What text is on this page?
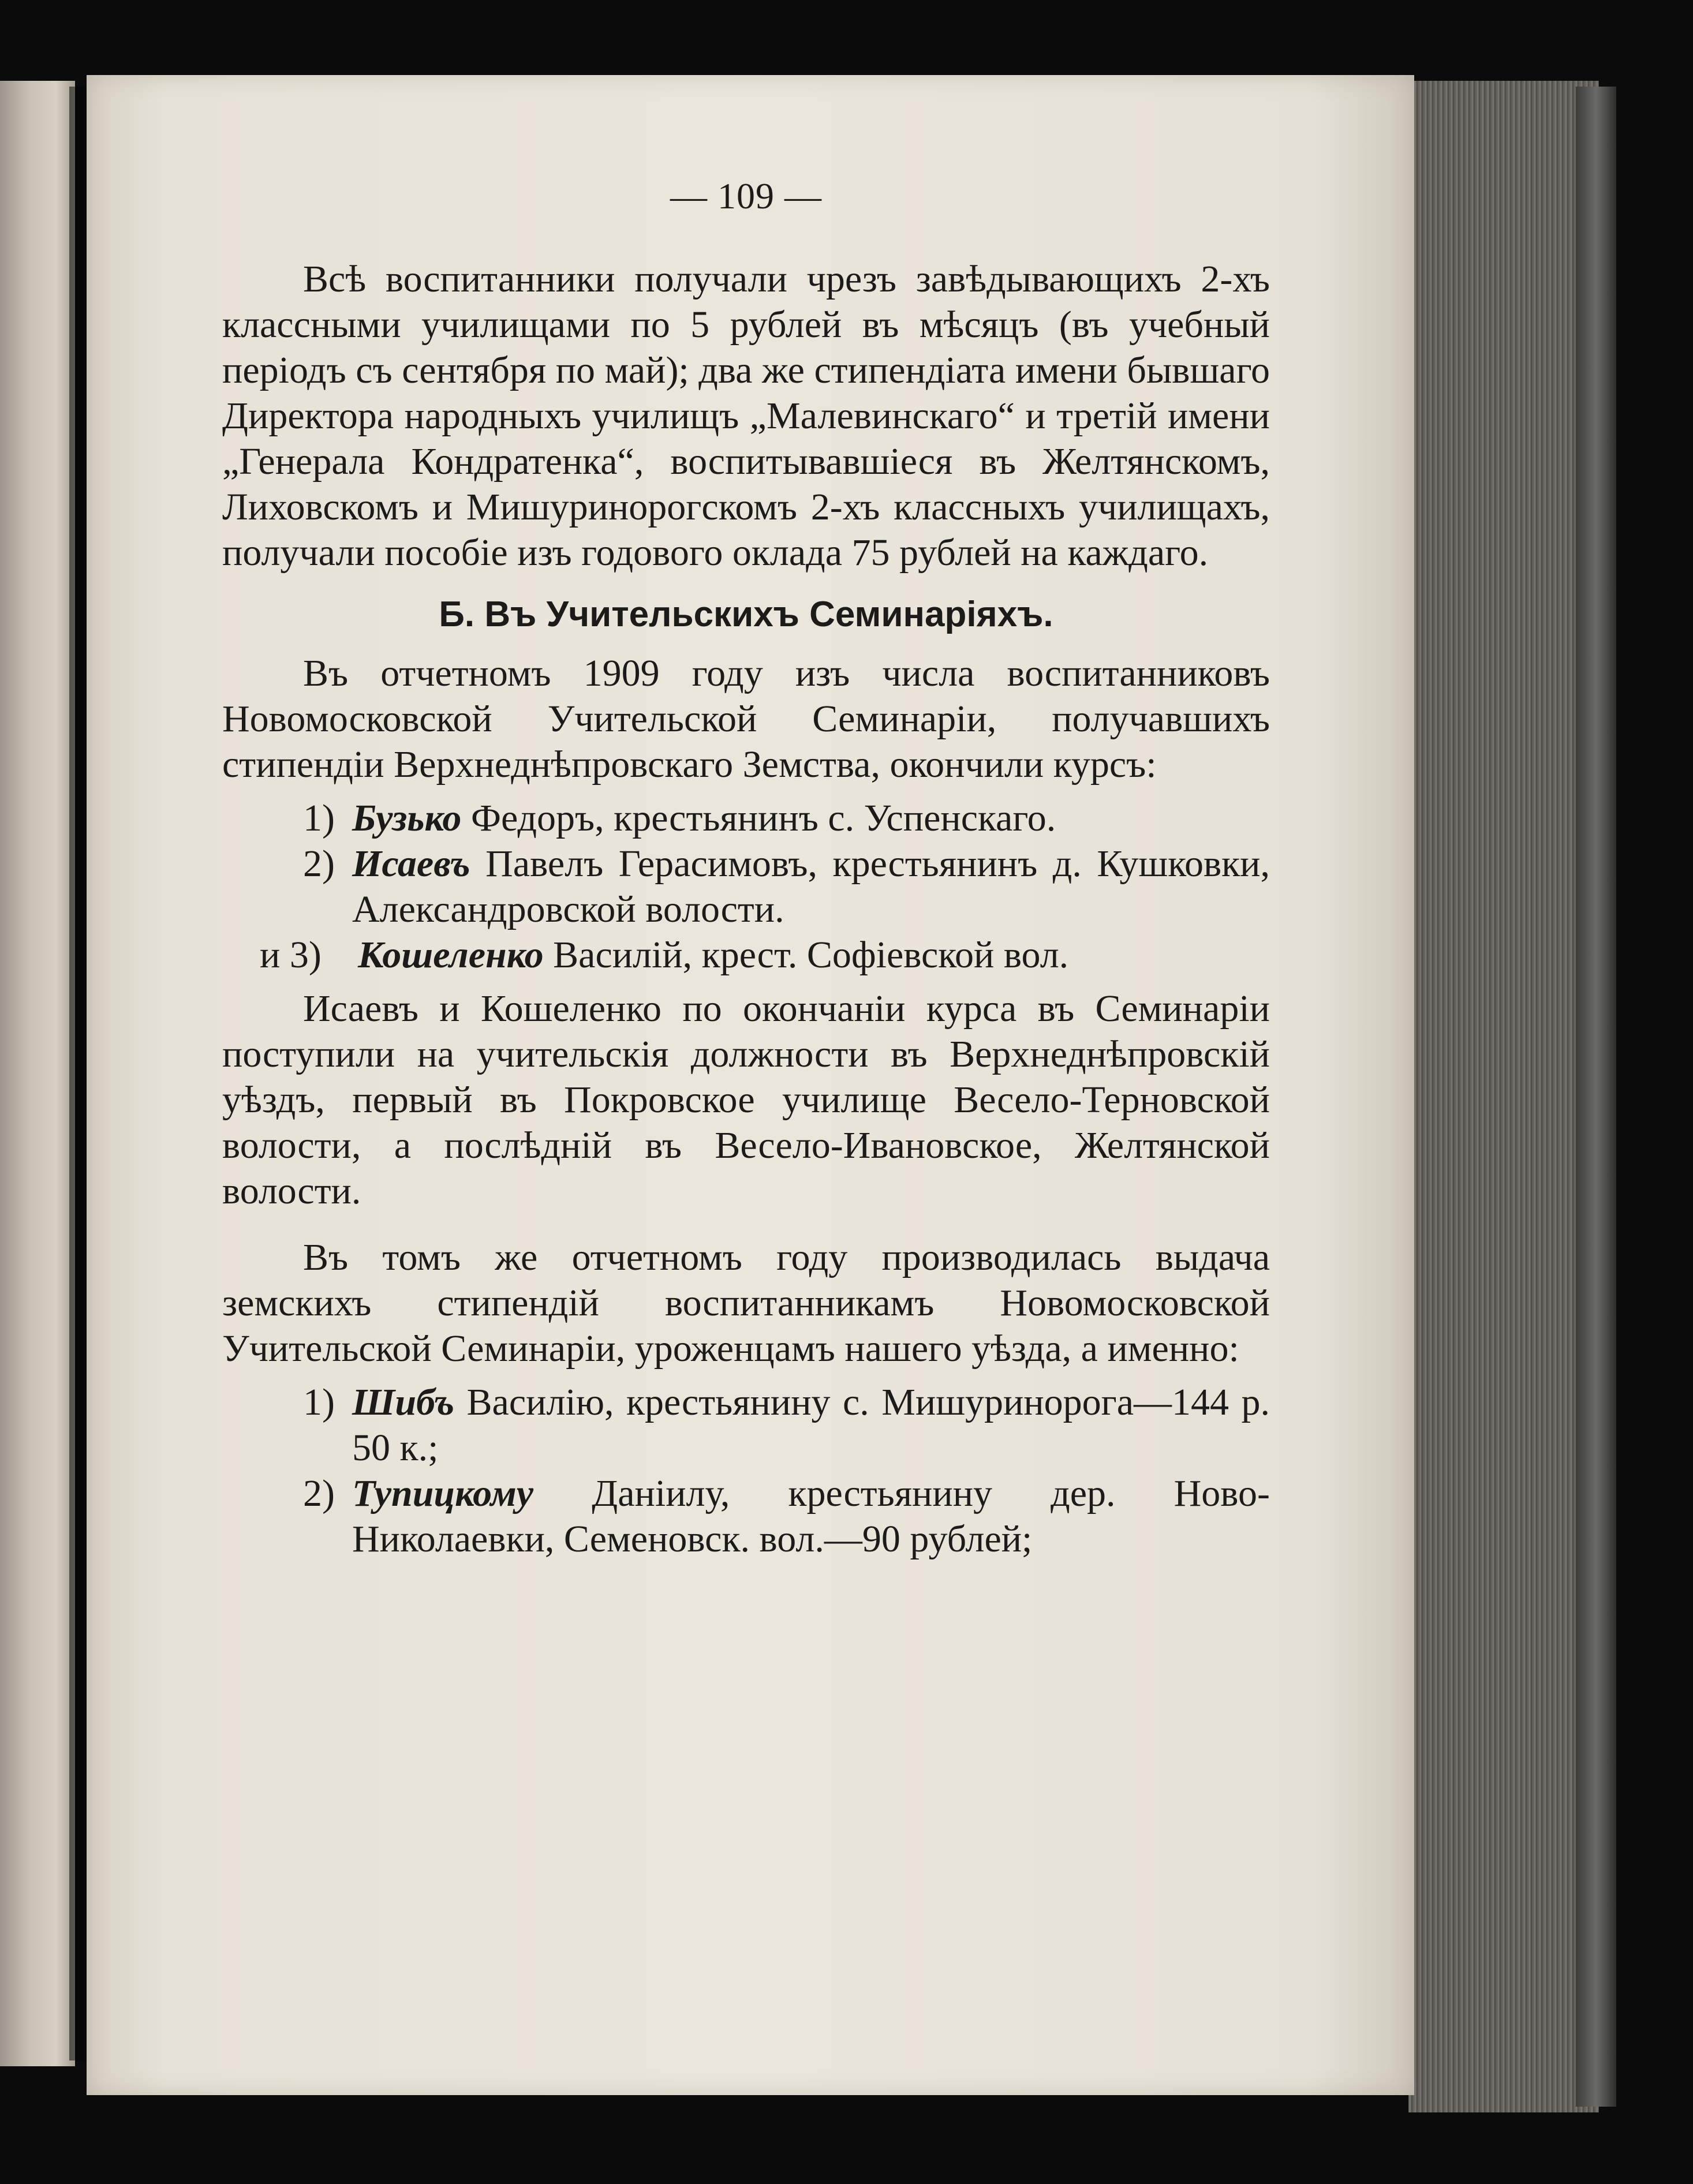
— 109 —

Всѣ воспитанники получали чрезъ завѣдывающихъ 2-хъ классными училищами по 5 рублей въ мѣсяцъ (въ учебный періодъ съ сентября по май); два же стипендіата имени бывшаго Директора народныхъ училищъ „Малевинскаго“ и третій имени „Генерала Кондратенка“, воспитывавшіеся въ Желтянскомъ, Лиховскомъ и Мишуринорогскомъ 2-хъ классныхъ училищахъ, получали пособіе изъ годового оклада 75 рублей на каждаго.

Б. Въ Учительскихъ Семинаріяхъ.

Въ отчетномъ 1909 году изъ числа воспитанниковъ Новомосковской Учительской Семинаріи, получавшихъ стипендіи Верхнеднѣпровскаго Земства, окончили курсъ:

1) Бузько Федоръ, крестьянинъ с. Успенскаго.
2) Исаевъ Павелъ Герасимовъ, крестьянинъ д. Кушковки, Александровской волости.
и 3) Кошеленко Василій, крест. Софіевской вол.

Исаевъ и Кошеленко по окончаніи курса въ Семинаріи поступили на учительскія должности въ Верхнеднѣпровскій уѣздъ, первый въ Покровское училище Весело-Терновской волости, а послѣдній въ Весело-Ивановское, Желтянской волости.

Въ томъ же отчетномъ году производилась выдача земскихъ стипендій воспитанникамъ Новомосковской Учительской Семинаріи, уроженцамъ нашего уѣзда, а именно:

1) Шибъ Василію, крестьянину с. Мишуринорога—144 р. 50 к.;
2) Тупицкому Даніилу, крестьянину дер. Ново-Николаевки, Семеновск. вол.—90 рублей;
